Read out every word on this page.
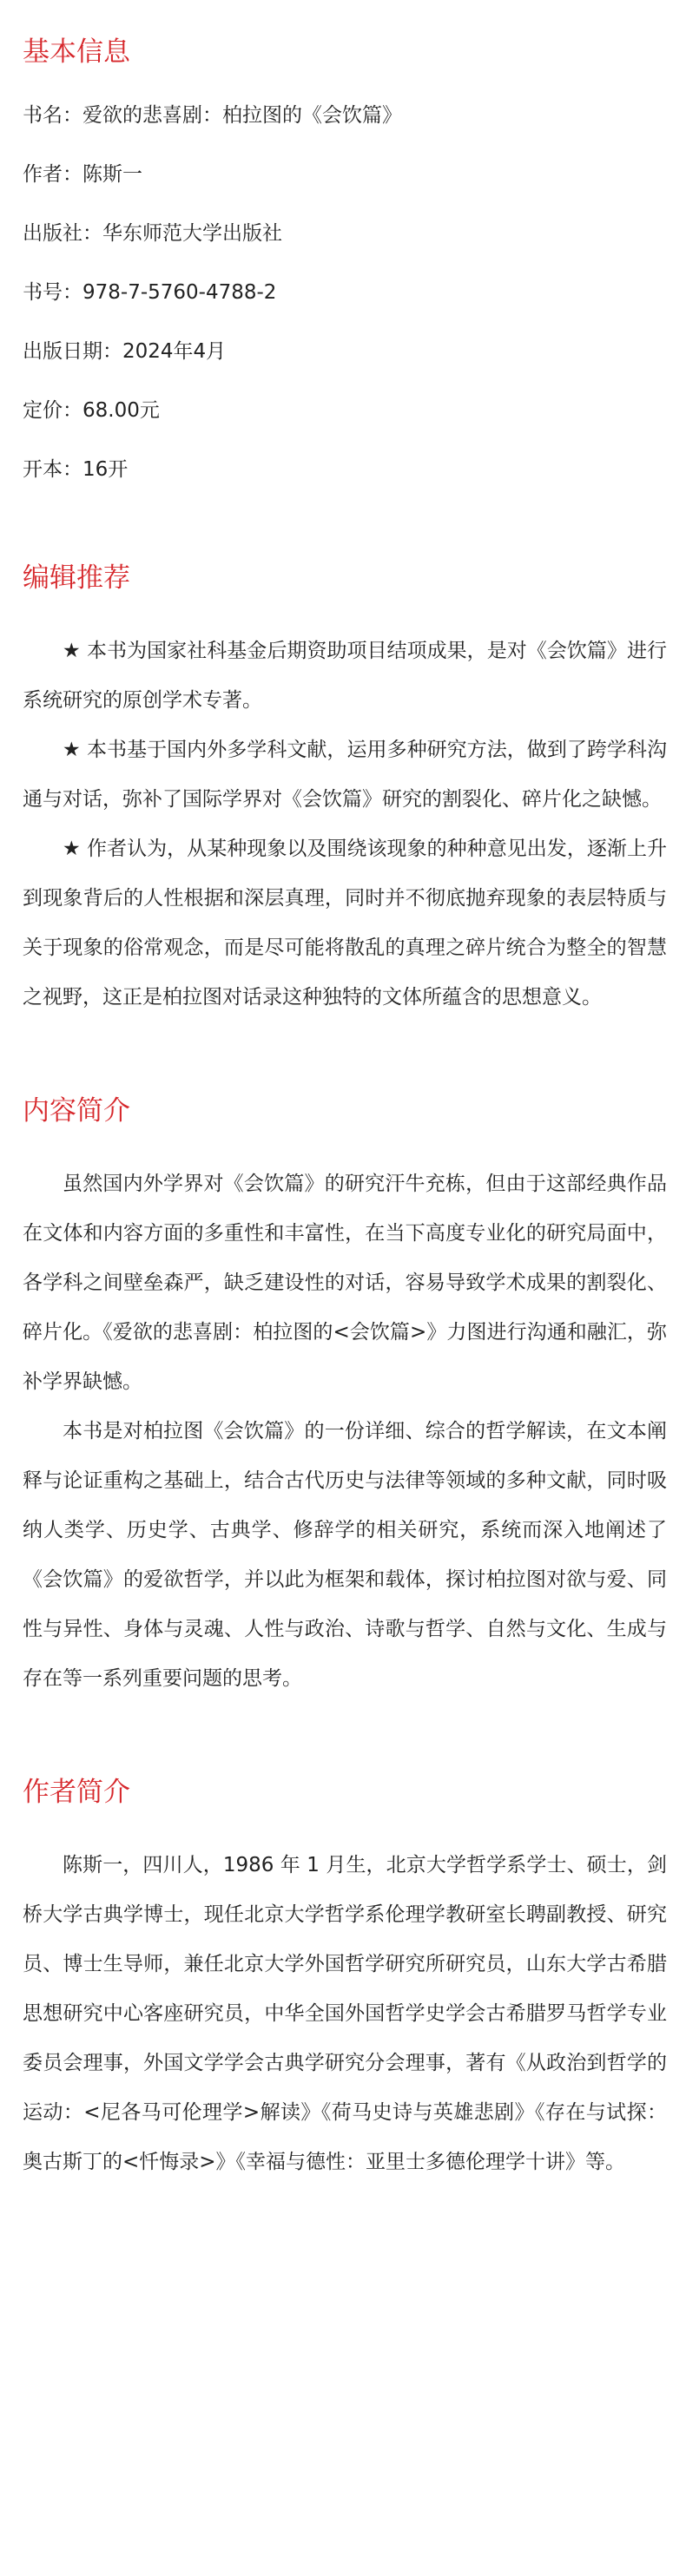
基本信息
书名：爱欲的悲喜剧：柏拉图的《会饮篇》
作者：陈斯一
出版社：华东师范大学出版社
书号：978-7-5760-4788-2
出版日期：2024年4月
定价：68.00元
开本：16开
编辑推荐

★ 本书为国家社科基金后期资助项目结项成果，是对《会饮篇》进行系统研究的原创学术专著。

★ 本书基于国内外多学科文献，运用多种研究方法，做到了跨学科沟通与对话，弥补了国际学界对《会饮篇》研究的割裂化、碎片化之缺憾。

★ 作者认为，从某种现象以及围绕该现象的种种意见出发，逐渐上升到现象背后的人性根据和深层真理，同时并不彻底抛弃现象的表层特质与关于现象的俗常观念，而是尽可能将散乱的真理之碎片统合为整全的智慧之视野，这正是柏拉图对话录这种独特的文体所蕴含的思想意义。

内容简介

虽然国内外学界对《会饮篇》的研究汗牛充栋，但由于这部经典作品在文体和内容方面的多重性和丰富性，在当下高度专业化的研究局面中，各学科之间壁垒森严，缺乏建设性的对话，容易导致学术成果的割裂化、碎片化。《爱欲的悲喜剧：柏拉图的<会饮篇>》力图进行沟通和融汇，弥补学界缺憾。

本书是对柏拉图《会饮篇》的一份详细、综合的哲学解读，在文本阐释与论证重构之基础上，结合古代历史与法律等领域的多种文献，同时吸纳人类学、历史学、古典学、修辞学的相关研究，系统而深入地阐述了《会饮篇》的爱欲哲学，并以此为框架和载体，探讨柏拉图对欲与爱、同性与异性、身体与灵魂、人性与政治、诗歌与哲学、自然与文化、生成与存在等一系列重要问题的思考。

作者简介

陈斯一，四川人，1986 年 1 月生，北京大学哲学系学士、硕士，剑桥大学古典学博士，现任北京大学哲学系伦理学教研室长聘副教授、研究员、博士生导师，兼任北京大学外国哲学研究所研究员，山东大学古希腊思想研究中心客座研究员，中华全国外国哲学史学会古希腊罗马哲学专业委员会理事，外国文学学会古典学研究分会理事，著有《从政治到哲学的运动：<尼各马可伦理学>解读》《荷马史诗与英雄悲剧》《存在与试探：奥古斯丁的<忏悔录>》《幸福与德性：亚里士多德伦理学十讲》等。
